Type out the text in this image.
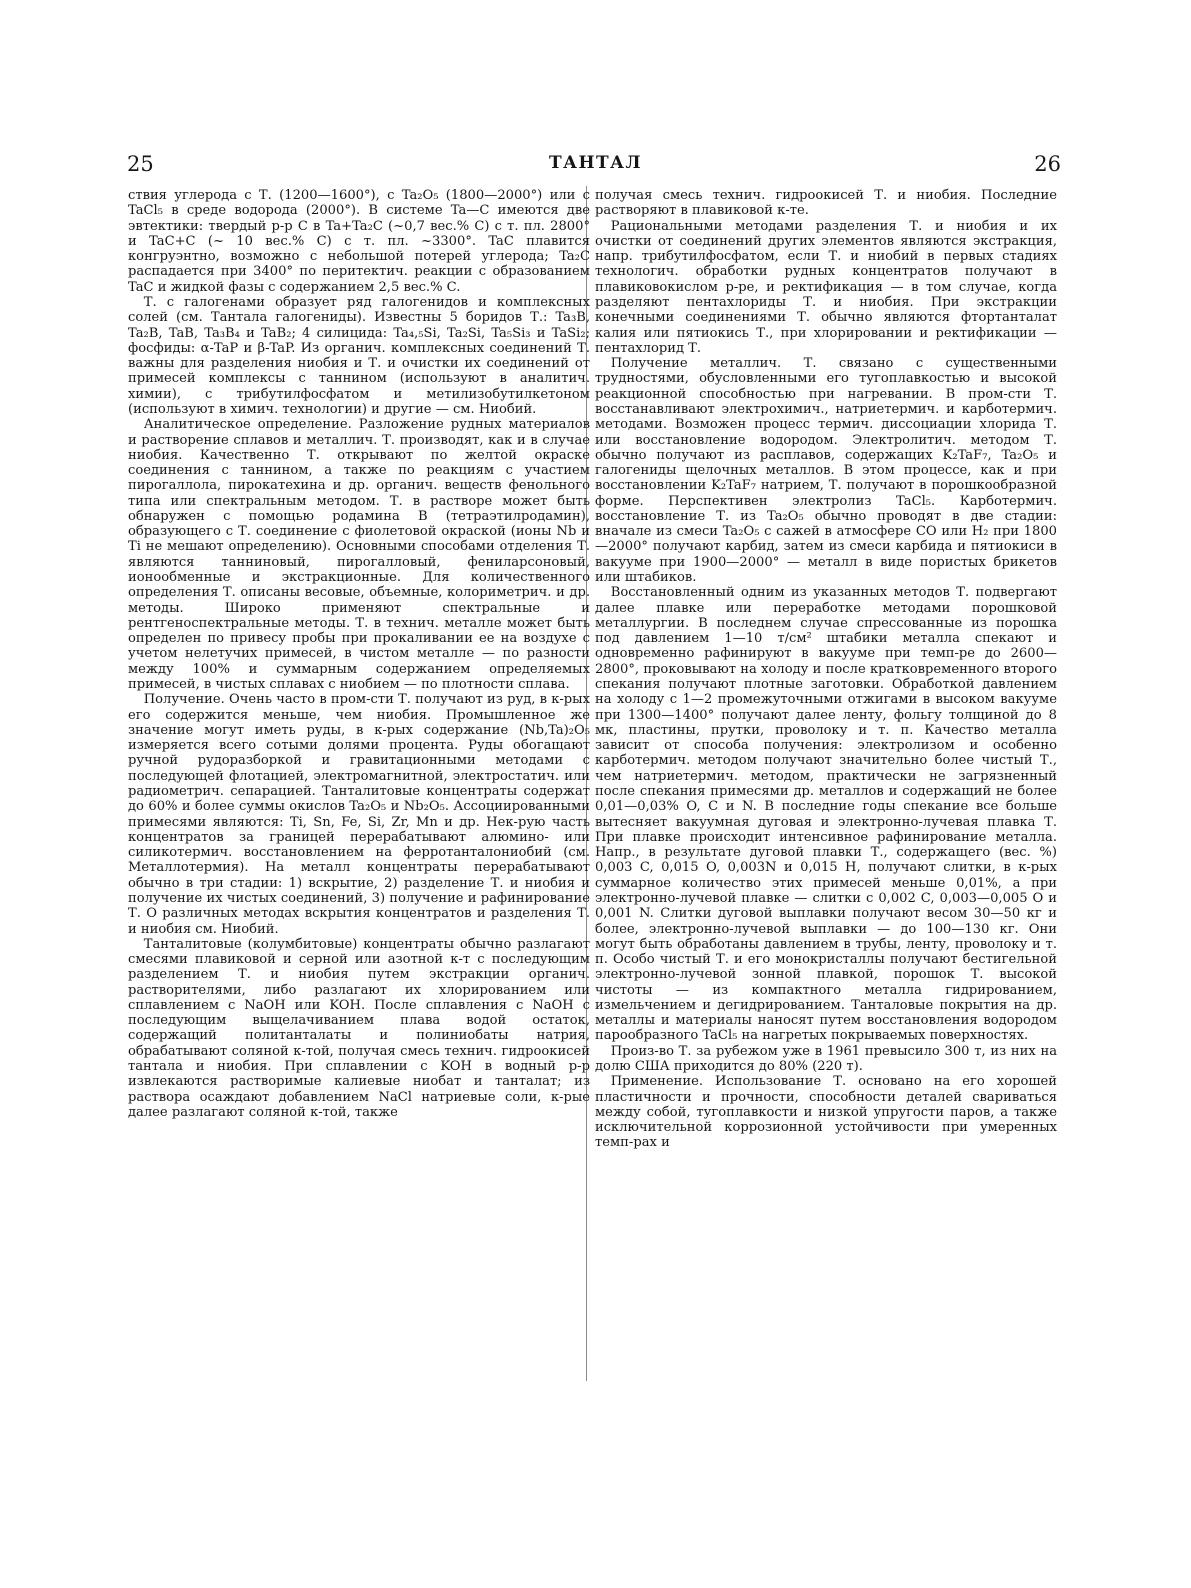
25	ТАНТАЛ	26

ствия углерода с Т. (1200—1600°), с Ta₂O₅ (1800—2000°) или с TaCl₅ в среде водорода (2000°). В системе Ta—C имеются две эвтектики: твердый р-р C в Ta+Ta₂C (~0,7 вес.% C) с т. пл. 2800° и TaC+C (~ 10 вес.% C) с т. пл. ~3300°. TaC плавится конгруэнтно, возможно с небольшой потерей углерода; Ta₂C распадается при 3400° по перитектич. реакции с образованием TaC и жидкой фазы с содержанием 2,5 вес.% C.

Т. с галогенами образует ряд галогенидов и комплексных солей (см. Тантала галогениды). Известны 5 боридов Т.: Ta₃B, Ta₂B, TaB, Ta₃B₄ и TaB₂; 4 силицида: Ta₄,₅Si, Ta₂Si, Ta₅Si₃ и TaSi₂; фосфиды: α-TaP и β-TaP. Из органич. комплексных соединений Т. важны для разделения ниобия и Т. и очистки их соединений от примесей комплексы с таннином (используют в аналитич. химии), с трибутилфосфатом и метилизобутилкетоном (используют в химич. технологии) и другие — см. Ниобий.

Аналитическое определение. Разложение рудных материалов и растворение сплавов и металлич. Т. производят, как и в случае ниобия. Качественно Т. открывают по желтой окраске соединения с таннином, а также по реакциям с участием пирогаллола, пирокатехина и др. органич. веществ фенольного типа или спектральным методом. Т. в растворе может быть обнаружен с помощью родамина B (тетраэтилродамин), образующего с Т. соединение с фиолетовой окраской (ионы Nb и Ti не мешают определению). Основными способами отделения Т. являются таннинoвый, пирогалловый, фениларсоновый, ионообменные и экстракционные. Для количественного определения Т. описаны весовые, объемные, колориметрич. и др. методы. Широко применяют спектральные и рентгеноспектральные методы. Т. в технич. металле может быть определен по привесу пробы при прокаливании ее на воздухе с учетом нелетучих примесей, в чистом металле — по разности между 100% и суммарным содержанием определяемых примесей, в чистых сплавах с ниобием — по плотности сплава.

Получение. Очень часто в пром-сти Т. получают из руд, в к-рых его содержится меньше, чем ниобия. Промышленное же значение могут иметь руды, в к-рых содержание (Nb,Ta)₂O₅ измеряется всего сотыми долями процента. Руды обогащают ручной рудоразборкой и гравитационными методами с последующей флотацией, электромагнитной, электростатич. или радиометрич. сепарацией. Танталитовые концентраты содержат до 60% и более суммы окислов Ta₂O₅ и Nb₂O₅. Ассоциированными примесями являются: Ti, Sn, Fe, Si, Zr, Mn и др. Нек-рую часть концентратов за границей перерабатывают алюмино- или силикотермич. восстановлением на ферротанталониобий (см. Металлотермия). На металл концентраты перерабатывают обычно в три стадии: 1) вскрытие, 2) разделение Т. и ниобия и получение их чистых соединений, 3) получение и рафинирование Т. О различных методах вскрытия концентратов и разделения Т. и ниобия см. Ниобий.

Танталитовые (колумбитовые) концентраты обычно разлагают смесями плавиковой и серной или азотной к-т с последующим разделением Т. и ниобия путем экстракции органич. растворителями, либо разлагают их хлорированием или сплавлением с NaOH или KOH. После сплавления с NaOH с последующим выщелачиванием плава водой остаток, содержащий политанталаты и полиниобаты натрия, обрабатывают соляной к-той, получая смесь технич. гидроокисей тантала и ниобия. При сплавлении с KOH в водный р-р извлекаются растворимые калиевые ниобат и танталат; из раствора осаждают добавлением NaCl натриевые соли, к-рые далее разлагают соляной к-той, также

получая смесь технич. гидроокисей Т. и ниобия. Последние растворяют в плавиковой к-те.

Рациональными методами разделения Т. и ниобия и их очистки от соединений других элементов являются экстракция, напр. трибутилфосфатом, если Т. и ниобий в первых стадиях технологич. обработки рудных концентратов получают в плавиковокислом р-ре, и ректификация — в том случае, когда разделяют пентахлориды Т. и ниобия. При экстракции конечными соединениями Т. обычно являются фтортанталат калия или пятиокись Т., при хлорировании и ректификации — пентахлорид Т.

Получение металлич. Т. связано с существенными трудностями, обусловленными его тугоплавкостью и высокой реакционной способностью при нагревании. В пром-сти Т. восстанавливают электрохимич., натриетермич. и карботермич. методами. Возможен процесс термич. диссоциации хлорида Т. или восстановление водородом. Электролитич. методом Т. обычно получают из расплавов, содержащих K₂TaF₇, Ta₂O₅ и галогениды щелочных металлов. В этом процессе, как и при восстановлении K₂TaF₇ натрием, Т. получают в порошкообразной форме. Перспективен электролиз TaCl₅. Карботермич. восстановление Т. из Ta₂O₅ обычно проводят в две стадии: вначале из смеси Ta₂O₅ с сажей в атмосфере CO или H₂ при 1800—2000° получают карбид, затем из смеси карбида и пятиокиси в вакууме при 1900—2000° — металл в виде пористых брикетов или штабиков.

Восстановленный одним из указанных методов Т. подвергают далее плавке или переработке методами порошковой металлургии. В последнем случае спрессованные из порошка под давлением 1—10 т/см² штабики металла спекают и одновременно рафинируют в вакууме при темп-ре до 2600—2800°, проковывают на холоду и после кратковременного второго спекания получают плотные заготовки. Обработкой давлением на холоду с 1—2 промежуточными отжигами в высоком вакууме при 1300—1400° получают далее ленту, фольгу толщиной до 8 мк, пластины, прутки, проволоку и т. п. Качество металла зависит от способа получения: электролизом и особенно карботермич. методом получают значительно более чистый Т., чем натриетермич. методом, практически не загрязненный после спекания примесями др. металлов и содержащий не более 0,01—0,03% O, C и N. В последние годы спекание все больше вытесняет вакуумная дуговая и электронно-лучевая плавка Т. При плавке происходит интенсивное рафинирование металла. Напр., в результате дуговой плавки Т., содержащего (вес. %) 0,003 C, 0,015 O, 0,003N и 0,015 H, получают слитки, в к-рых суммарное количество этих примесей меньше 0,01%, а при электронно-лучевой плавке — слитки с 0,002 C, 0,003—0,005 O и 0,001 N. Слитки дуговой выплавки получают весом 30—50 кг и более, электронно-лучевой выплавки — до 100—130 кг. Они могут быть обработаны давлением в трубы, ленту, проволоку и т. п. Особо чистый Т. и его монокристаллы получают бестигельной электронно-лучевой зонной плавкой, порошок Т. высокой чистоты — из компактного металла гидрированием, измельчением и дегидрированием. Танталовые покрытия на др. металлы и материалы наносят путем восстановления водородом парообразного TaCl₅ на нагретых покрываемых поверхностях.

Произ-во Т. за рубежом уже в 1961 превысило 300 т, из них на долю США приходится до 80% (220 т).

Применение. Использование Т. основано на его хорошей пластичности и прочности, способности деталей свариваться между собой, тугоплавкости и низкой упругости паров, а также исключительной коррозионной устойчивости при умеренных темп-рах и
